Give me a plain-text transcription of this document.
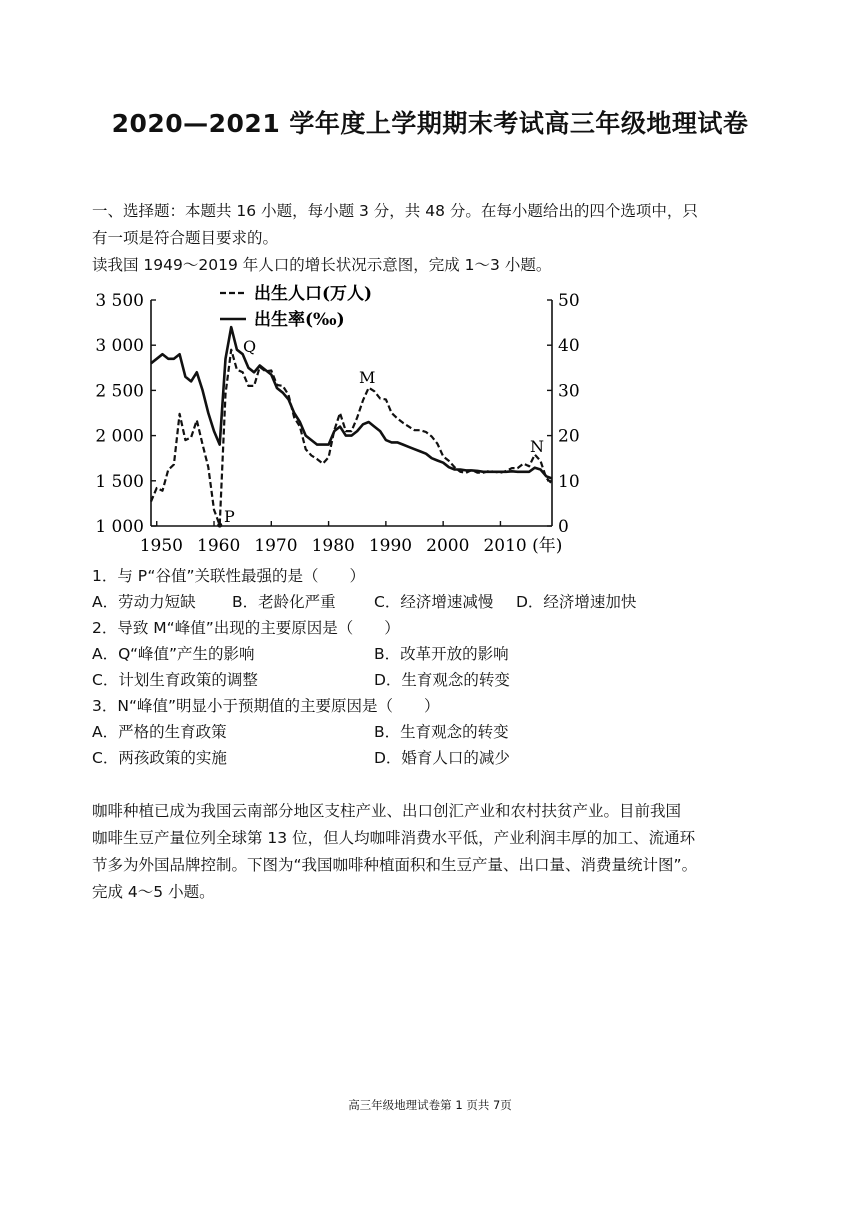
2020—2021 学年度上学期期末考试高三年级地理试卷
一、选择题：本题共 16 小题，每小题 3 分，共 48 分。在每小题给出的四个选项中，只
有一项是符合题目要求的。
读我国 1949～2019 年人口的增长状况示意图，完成 1～3 小题。
3 500
3 000
2 500
2 000
1 500
1 000
50
40
30
20
10
0
1950 1960 1970 1980 1990 2000 2010 (年)
出生人口(万人)
出生率(‰)
Q
M
N
P
1．与 P“谷值”关联性最强的是（　　）
A．劳动力短缺 B．老龄化严重 C．经济增速减慢 D．经济增速加快
2．导致 M“峰值”出现的主要原因是（　　）
A．Q“峰值”产生的影响	B．改革开放的影响
C．计划生育政策的调整	D．生育观念的转变
3．N“峰值”明显小于预期值的主要原因是（　　）
A．严格的生育政策	B．生育观念的转变
C．两孩政策的实施	D．婚育人口的减少
咖啡种植已成为我国云南部分地区支柱产业、出口创汇产业和农村扶贫产业。目前我国
咖啡生豆产量位列全球第 13 位，但人均咖啡消费水平低，产业利润丰厚的加工、流通环
节多为外国品牌控制。下图为“我国咖啡种植面积和生豆产量、出口量、消费量统计图”。
完成 4～5 小题。
高三年级地理试卷第 1 页共 7页
